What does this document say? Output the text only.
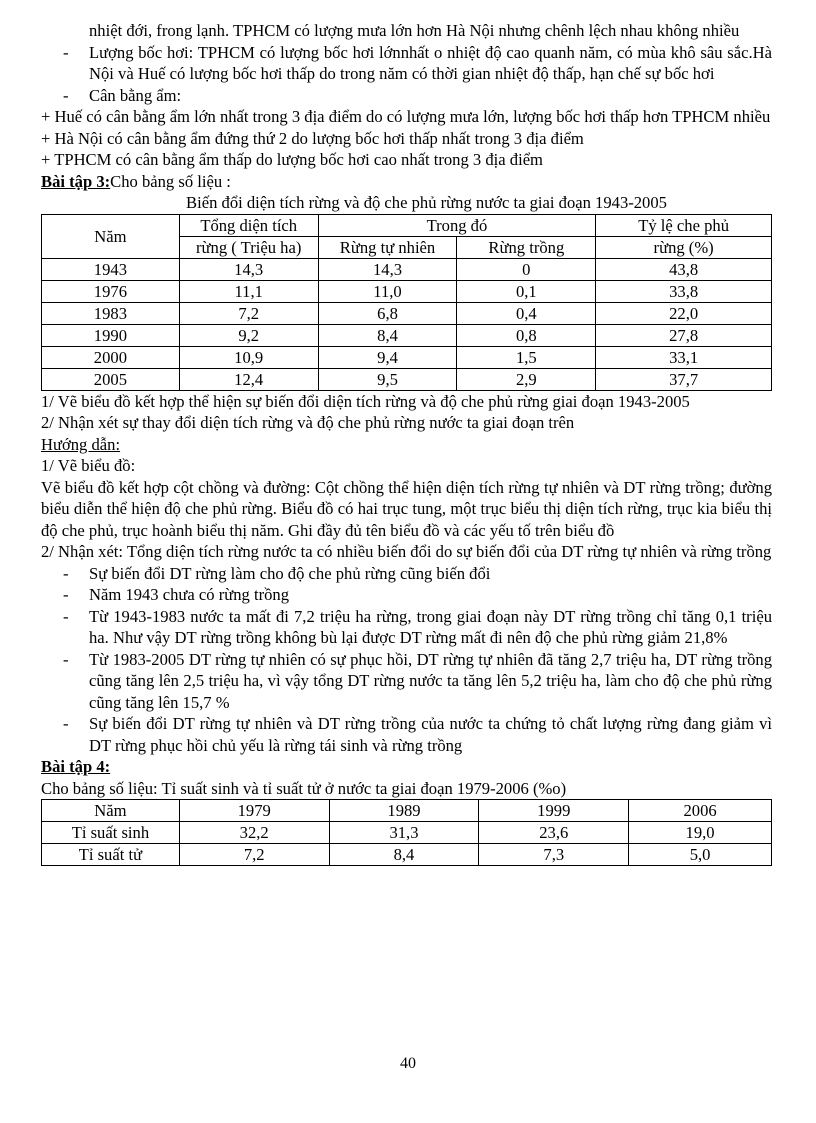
nhiệt đới, frong lạnh. TPHCM có lượng mưa lớn hơn Hà Nội nhưng chênh lệch nhau không nhiều
- Lượng bốc hơi: TPHCM có lượng bốc hơi lớnnhất o nhiệt độ cao quanh năm, có mùa khô sâu sắc.Hà Nội và Huế có lượng bốc hơi thấp do trong năm có thời gian nhiệt độ thấp, hạn chế sự bốc hơi
- Cân bằng ẩm:
+ Huế có cân bằng ẩm lớn nhất trong 3 địa điểm do có lượng mưa lớn, lượng bốc hơi thấp hơn TPHCM nhiều
+ Hà Nội có cân bằng ẩm đứng thứ 2 do lượng bốc hơi thấp nhất trong 3 địa điểm
+ TPHCM có cân bằng ẩm thấp do lượng bốc hơi cao nhất trong 3 địa điểm
Bài tập 3:Cho bảng số liệu :
Biến đổi diện tích rừng và độ che phủ rừng nước ta giai đoạn 1943-2005
Năm	Tổng diện tích	Trong đó		Tỷ lệ che phủ
	rừng ( Triệu ha)	Rừng tự nhiên	Rừng trồng	rừng (%)
1943	14,3	14,3	0	43,8
1976	11,1	11,0	0,1	33,8
1983	7,2	6,8	0,4	22,0
1990	9,2	8,4	0,8	27,8
2000	10,9	9,4	1,5	33,1
2005	12,4	9,5	2,9	37,7
1/ Vẽ biểu đồ kết hợp thể hiện sự biến đổi diện tích rừng và độ che phủ rừng giai đoạn 1943-2005
2/ Nhận xét sự thay đổi diện tích rừng và độ che phủ rừng nước ta giai đoạn trên
Hướng dẫn:
1/ Vẽ biểu đồ:
Vẽ biểu đồ kết hợp cột chồng và đường: Cột chồng thể hiện diện tích rừng tự nhiên và DT rừng trồng; đường biểu diễn thể hiện độ che phủ rừng. Biểu đồ có hai trục tung, một trục biểu thị diện tích rừng, trục kia biểu thị độ che phủ, trục hoành biểu thị năm. Ghi đầy đủ tên biểu đồ và các yếu tố trên biểu đồ
2/ Nhận xét: Tổng diện tích rừng nước ta có nhiều biến đổi do sự biến đổi của DT rừng tự nhiên và rừng trồng
- Sự biến đổi DT rừng làm cho độ che phủ rừng cũng biến đổi
- Năm 1943 chưa có rừng trồng
- Từ 1943-1983 nước ta mất đi 7,2 triệu ha rừng, trong giai đoạn này DT rừng trồng chỉ tăng 0,1 triệu ha. Như vậy DT rừng trồng không bù lại được DT rừng mất đi nên độ che phủ rừng giảm 21,8%
- Từ 1983-2005 DT rừng tự nhiên có sự phục hồi, DT rừng tự nhiên đã tăng 2,7 triệu ha, DT rừng trồng cũng tăng lên 2,5 triệu ha, vì vậy tổng DT rừng nước ta tăng lên 5,2 triệu ha, làm cho độ che phủ rừng cũng tăng lên 15,7 %
- Sự biến đổi DT rừng tự nhiên và DT rừng trồng của nước ta chứng tỏ chất lượng rừng đang giảm vì DT rừng phục hồi chủ yếu là rừng tái sinh và rừng trồng
Bài tập 4:
Cho bảng số liệu: Tỉ suất sinh và tỉ suất tử ở nước ta giai đoạn 1979-2006 (%o)
Năm	1979	1989	1999	2006
Tỉ suất sinh	32,2	31,3	23,6	19,0
Tỉ suất tử	7,2	8,4	7,3	5,0
40
